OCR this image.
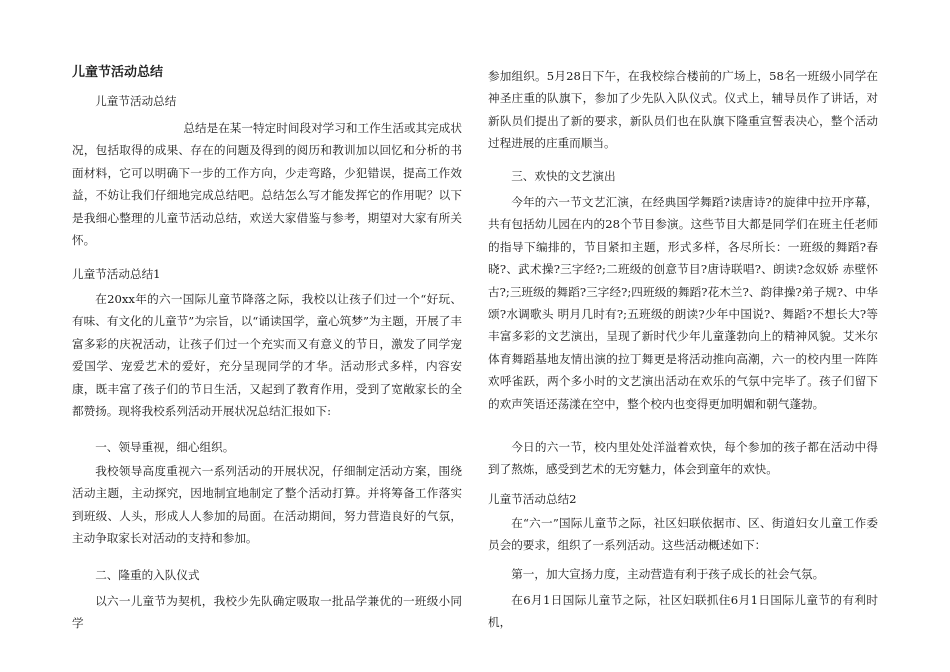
儿童节活动总结

儿童节活动总结

总结是在某一特定时间段对学习和工作生活或其完成状况，包括取得的成果、存在的问题及得到的阅历和教训加以回忆和分析的书面材料，它可以明确下一步的工作方向，少走弯路，少犯错误，提高工作效益，不妨让我们仔细地完成总结吧。总结怎么写才能发挥它的作用呢？以下是我细心整理的儿童节活动总结，欢送大家借鉴与参考，期望对大家有所关怀。

儿童节活动总结1

在20xx年的六一国际儿童节降落之际，我校以让孩子们过一个“好玩、有味、有文化的儿童节”为宗旨，以“诵读国学，童心筑梦”为主题，开展了丰富多彩的庆祝活动，让孩子们过一个充实而又有意义的节日，激发了同学宠爱国学、宠爱艺术的爱好，充分呈现同学的才华。活动形式多样，内容安康，既丰富了孩子们的节日生活，又起到了教育作用，受到了宽敞家长的全都赞扬。现将我校系列活动开展状况总结汇报如下:

一、领导重视，细心组织。

我校领导高度重视六一系列活动的开展状况，仔细制定活动方案，围绕活动主题，主动探究，因地制宜地制定了整个活动打算。并将筹备工作落实到班级、人头，形成人人参加的局面。在活动期间，努力营造良好的气氛，主动争取家长对活动的支持和参加。

二、隆重的入队仪式

以六一儿童节为契机，我校少先队确定吸取一批品学兼优的一班级小同学

参加组织。5月28日下午，在我校综合楼前的广场上，58名一班级小同学在神圣庄重的队旗下，参加了少先队入队仪式。仪式上，辅导员作了讲话，对新队员们提出了新的要求，新队员们也在队旗下隆重宣誓表决心，整个活动过程进展的庄重而顺当。

三、欢快的文艺演出

今年的六一节文艺汇演，在经典国学舞蹈?读唐诗?的旋律中拉开序幕，共有包括幼儿园在内的28个节目参演。这些节目大都是同学们在班主任老师的指导下编排的，节目紧扣主题，形式多样，各尽所长：一班级的舞蹈?春晓?、武术操?三字经?;二班级的创意节目?唐诗联唱?、朗读?念奴娇 赤壁怀古?;三班级的舞蹈?三字经?;四班级的舞蹈?花木兰?、韵律操?弟子规?、中华颂?水调歌头 明月几时有?;五班级的朗读?少年中国说?、舞蹈?不想长大?等丰富多彩的文艺演出，呈现了新时代少年儿童蓬勃向上的精神风貌。艾米尔体育舞蹈基地友情出演的拉丁舞更是将活动推向高潮，六一的校内里一阵阵欢呼雀跃，两个多小时的文艺演出活动在欢乐的气氛中完毕了。孩子们留下的欢声笑语还荡漾在空中，整个校内也变得更加明媚和朝气蓬勃。

今日的六一节，校内里处处洋溢着欢快，每个参加的孩子都在活动中得到了熬炼，感受到艺术的无穷魅力，体会到童年的欢快。

儿童节活动总结2

在“六一”国际儿童节之际，社区妇联依据市、区、街道妇女儿童工作委员会的要求，组织了一系列活动。这些活动概述如下：

第一，加大宣扬力度，主动营造有利于孩子成长的社会气氛。

在6月1日国际儿童节之际，社区妇联抓住6月1日国际儿童节的有利时机，
